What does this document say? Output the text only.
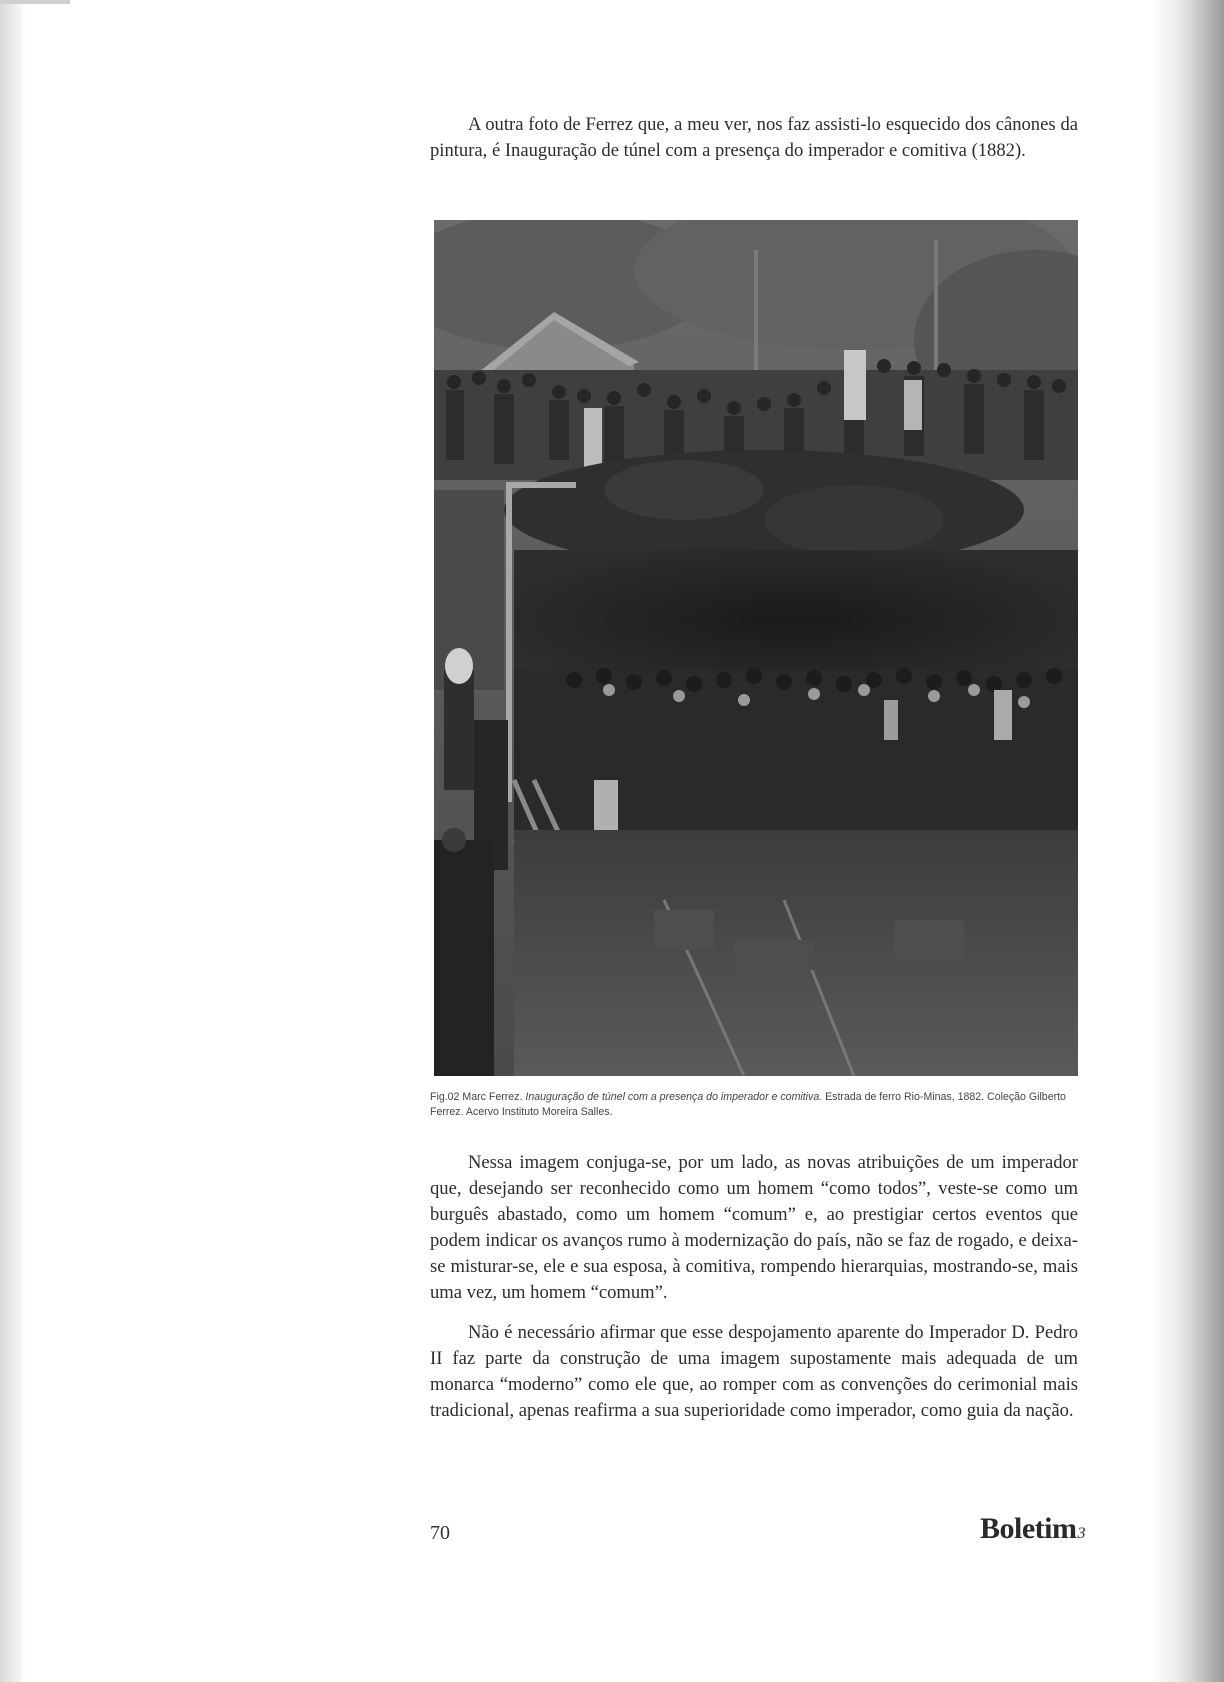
A outra foto de Ferrez que, a meu ver, nos faz assisti-lo esquecido dos cânones da pintura, é Inauguração de túnel com a presença do imperador e comitiva (1882).

Fig.02 Marc Ferrez. Inauguração de túnel com a presença do imperador e comitiva. Estrada de ferro Rio-Minas, 1882. Coleção Gilberto Ferrez. Acervo Instituto Moreira Salles.

Nessa imagem conjuga-se, por um lado, as novas atribuições de um imperador que, desejando ser reconhecido como um homem “como todos”, veste-se como um burguês abastado, como um homem “comum” e, ao prestigiar certos eventos que podem indicar os avanços rumo à modernização do país, não se faz de rogado, e deixa-se misturar-se, ele e sua esposa, à comitiva, rompendo hierarquias, mostrando-se, mais uma vez, um homem “comum”.

Não é necessário afirmar que esse despojamento aparente do Imperador D. Pedro II faz parte da construção de uma imagem supostamente mais adequada de um monarca “moderno” como ele que, ao romper com as convenções do cerimonial mais tradicional, apenas reafirma a sua superioridade como imperador, como guia da nação.

70	Boletim3
